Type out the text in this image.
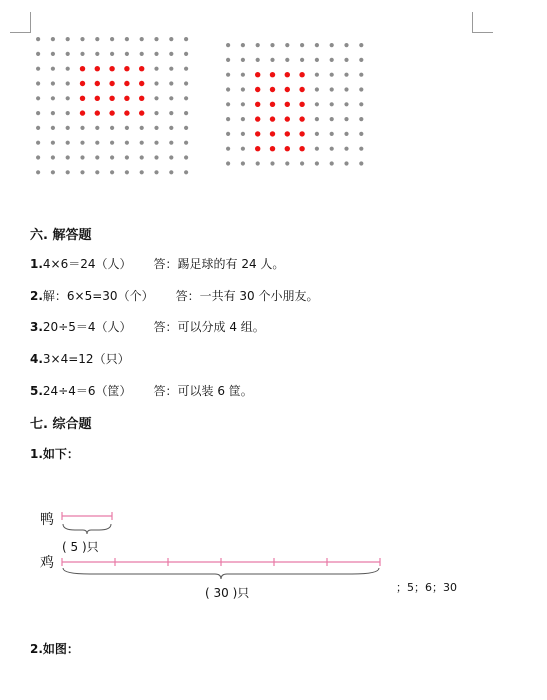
六. 解答题
1.4×6＝24（人） 答：踢足球的有 24 人。
2.解：6×5=30（个） 答：一共有 30 个小朋友。
3.20÷5＝4（人） 答：可以分成 4 组。
4.3×4=12（只）
5.24÷4＝6（筐） 答：可以装 6 筐。
七. 综合题
1.如下：
鸭
鸡
( 5 )只
( 30 )只	；5；6；30
2.如图：
